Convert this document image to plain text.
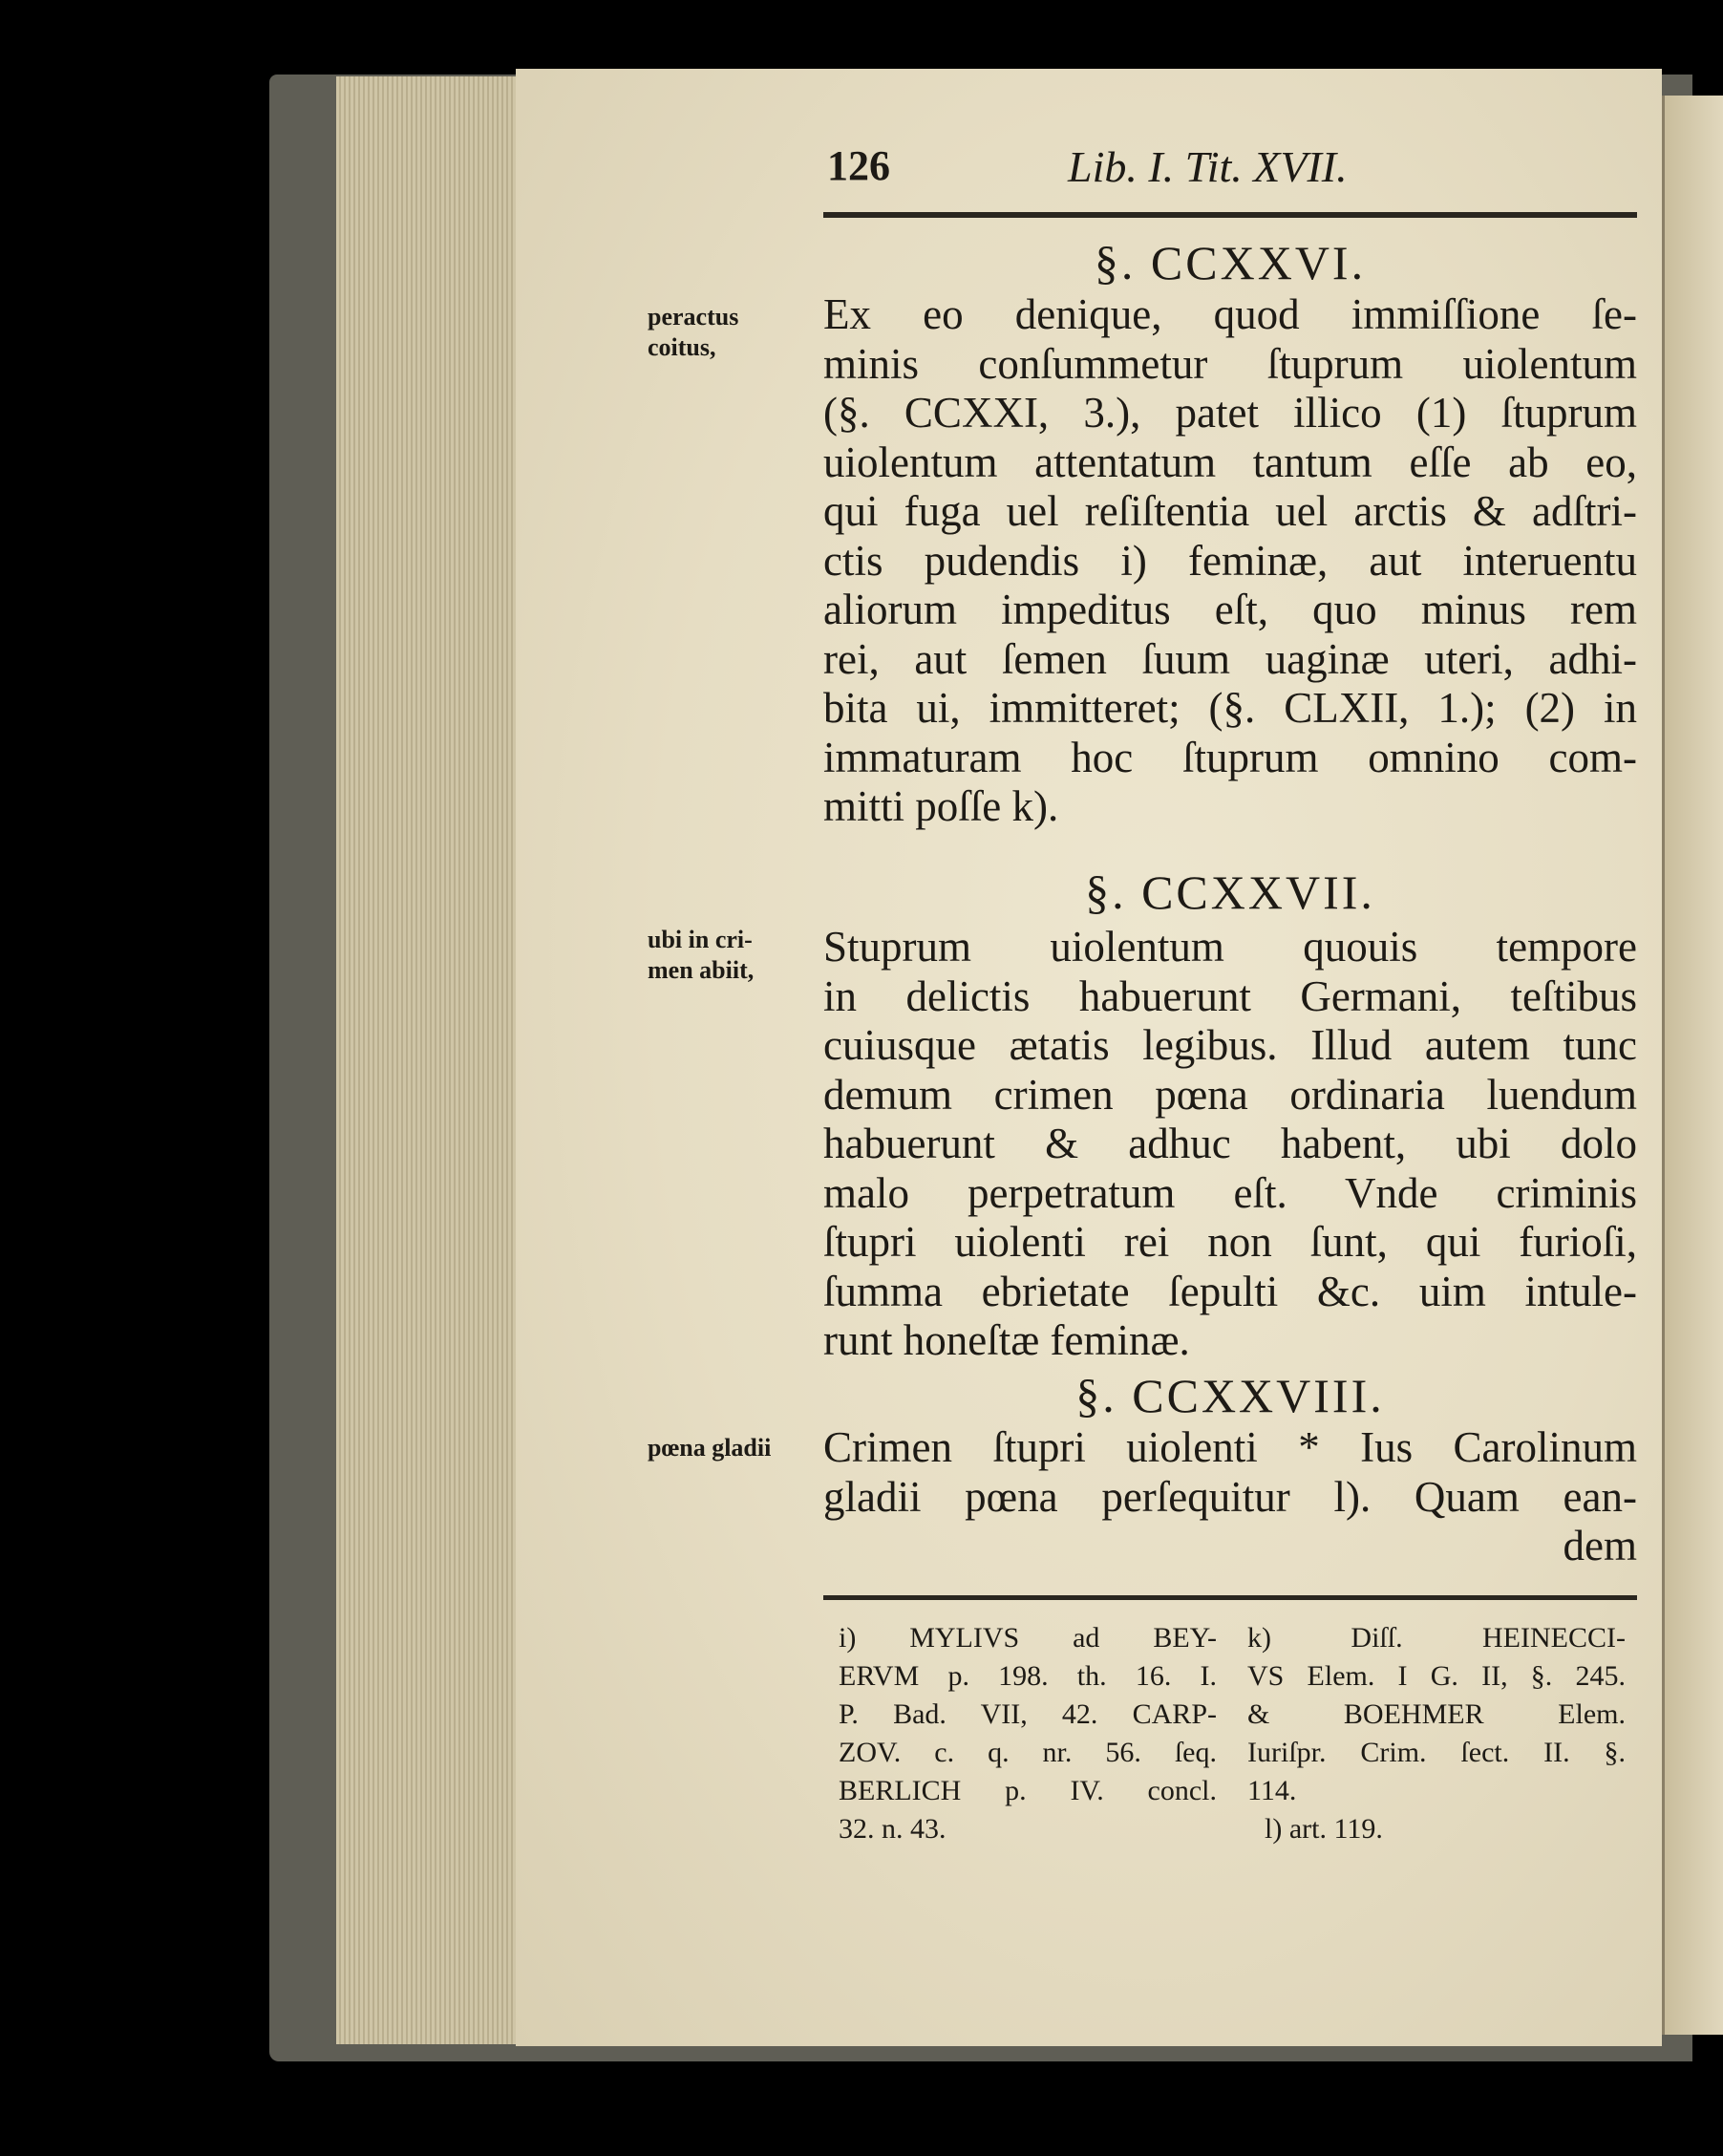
126	Lib. I. Tit. XVII.
§. CCXXVI.
peractus
coitus,
Ex eo denique, quod immiſſione ſe-
minis conſummetur ſtuprum uiolentum
(§. CCXXI, 3.), patet illico (1) ſtuprum
uiolentum attentatum tantum eſſe ab eo,
qui fuga uel reſiſtentia uel arctis & adſtri-
ctis pudendis i) feminæ, aut interuentu
aliorum impeditus eſt, quo minus rem
rei, aut ſemen ſuum uaginæ uteri, adhi-
bita ui, immitteret; (§. CLXII, 1.); (2) in
immaturam hoc ſtuprum omnino com-
mitti poſſe k).
§. CCXXVII.
ubi in cri-
men abiit, Stuprum uiolentum quouis tempore
in delictis habuerunt Germani, teſtibus
cuiusque ætatis legibus. Illud autem tunc
demum crimen pœna ordinaria luendum
habuerunt & adhuc habent, ubi dolo
malo perpetratum eſt. Vnde criminis
ſtupri uiolenti rei non ſunt, qui furioſi,
ſumma ebrietate ſepulti &c. uim intule-
runt honeſtæ feminæ.
§. CCXXVIII.
pœna gladii Crimen ſtupri uiolenti * Ius Carolinum
gladii pœna perſequitur l). Quam ean-
dem
i) MYLIVS ad BEY-
ERVM p. 198. th. 16. I.
P. Bad. VII, 42. CARP-
ZOV. c. q. nr. 56. ſeq.
BERLICH p. IV. concl.
32. n. 43.
k) Diſſ. HEINECCI-
VS Elem. I G. II, §. 245.
& BOEHMER Elem.
Iuriſpr. Crim. ſect. II. §.
114.
l) art. 119.
